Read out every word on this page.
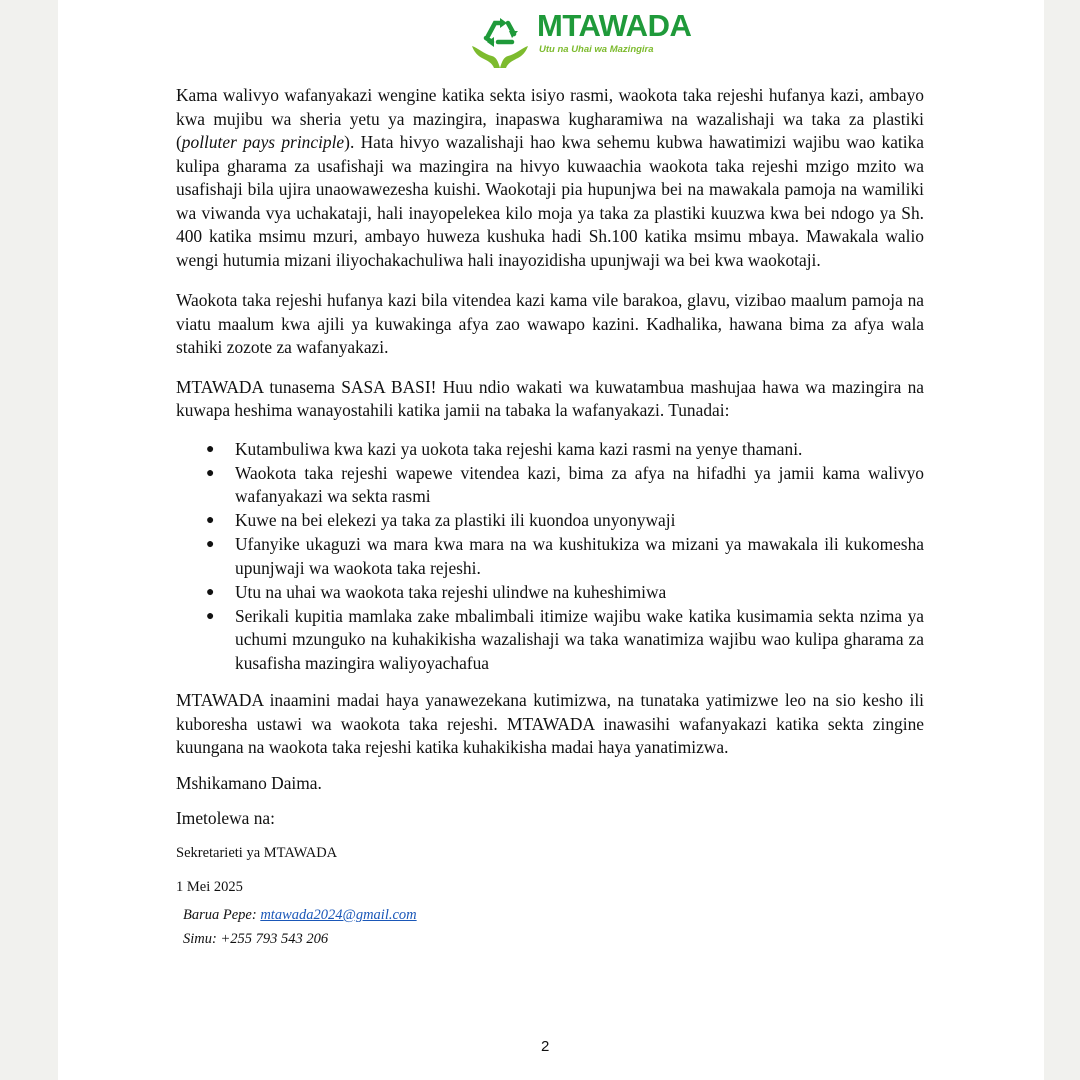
MTAWADA
Utu na Uhai wa Mazingira

Kama walivyo wafanyakazi wengine katika sekta isiyo rasmi, waokota taka rejeshi hufanya kazi, ambayo kwa mujibu wa sheria yetu ya mazingira, inapaswa kugharamiwa na wazalishaji wa taka za plastiki (polluter pays principle). Hata hivyo wazalishaji hao kwa sehemu kubwa hawatimizi wajibu wao katika kulipa gharama za usafishaji wa mazingira na hivyo kuwaachia waokota taka rejeshi mzigo mzito wa usafishaji bila ujira unaowawezesha kuishi. Waokotaji pia hupunjwa bei na mawakala pamoja na wamiliki wa viwanda vya uchakataji, hali inayopelekea kilo moja ya taka za plastiki kuuzwa kwa bei ndogo ya Sh. 400 katika msimu mzuri, ambayo huweza kushuka hadi Sh.100 katika msimu mbaya. Mawakala walio wengi hutumia mizani iliyochakachuliwa hali inayozidisha upunjwaji wa bei kwa waokotaji.

Waokota taka rejeshi hufanya kazi bila vitendea kazi kama vile barakoa, glavu, vizibao maalum pamoja na viatu maalum kwa ajili ya kuwakinga afya zao wawapo kazini. Kadhalika, hawana bima za afya wala stahiki zozote za wafanyakazi.

MTAWADA tunasema SASA BASI! Huu ndio wakati wa kuwatambua mashujaa hawa wa mazingira na kuwapa heshima wanayostahili katika jamii na tabaka la wafanyakazi. Tunadai:

● Kutambuliwa kwa kazi ya uokota taka rejeshi kama kazi rasmi na yenye thamani.
● Waokota taka rejeshi wapewe vitendea kazi, bima za afya na hifadhi ya jamii kama walivyo wafanyakazi wa sekta rasmi
● Kuwe na bei elekezi ya taka za plastiki ili kuondoa unyonywaji
● Ufanyike ukaguzi wa mara kwa mara na wa kushitukiza wa mizani ya mawakala ili kukomesha upunjwaji wa waokota taka rejeshi.
● Utu na uhai wa waokota taka rejeshi ulindwe na kuheshimiwa
● Serikali kupitia mamlaka zake mbalimbali itimize wajibu wake katika kusimamia sekta nzima ya uchumi mzunguko na kuhakikisha wazalishaji wa taka wanatimiza wajibu wao kulipa gharama za kusafisha mazingira waliyoyachafua

MTAWADA inaamini madai haya yanawezekana kutimizwa, na tunataka yatimizwe leo na sio kesho ili kuboresha ustawi wa waokota taka rejeshi. MTAWADA inawasihi wafanyakazi katika sekta zingine kuungana na waokota taka rejeshi katika kuhakikisha madai haya yanatimizwa.

Mshikamano Daima.

Imetolewa na:

Sekretarieti ya MTAWADA

1 Mei 2025

Barua Pepe: mtawada2024@gmail.com
Simu: +255 793 543 206
2
